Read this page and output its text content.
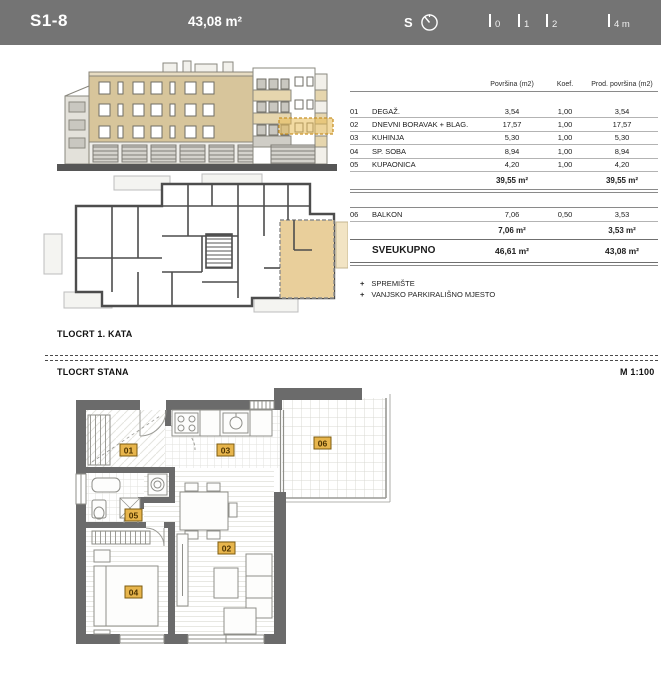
S1-8	43,08 m²	S	0 1 2	4 m
TLOCRT 1. KATA
TLOCRT STANA	M 1:100
Površina (m2)	Koef.	Prod. površina (m2)
01	DEGAŽ.	3,54	1,00	3,54
02	DNEVNI BORAVAK + BLAG.	17,57	1,00	17,57
03	KUHINJA	5,30	1,00	5,30
04	SP. SOBA	8,94	1,00	8,94
05	KUPAONICA	4,20	1,00	4,20
39,55 m²	39,55 m²
06	BALKON	7,06	0,50	3,53
7,06 m²	3,53 m²
SVEUKUPNO	46,61 m²	43,08 m²
+ SPREMIŠTE
+ VANJSKO PARKIRALIŠNO MJESTO
01	03
06
05
02
04
